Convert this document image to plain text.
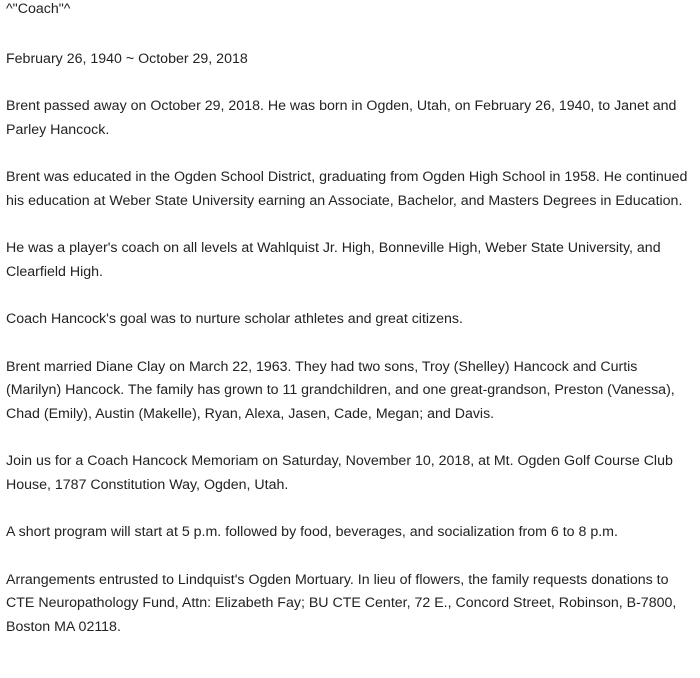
^"Coach"^

February 26, 1940 ~ October 29, 2018

Brent passed away on October 29, 2018. He was born in Ogden, Utah, on February 26, 1940, to Janet and Parley Hancock.

Brent was educated in the Ogden School District, graduating from Ogden High School in 1958. He continued his education at Weber State University earning an Associate, Bachelor, and Masters Degrees in Education.

He was a player's coach on all levels at Wahlquist Jr. High, Bonneville High, Weber State University, and Clearfield High.

Coach Hancock's goal was to nurture scholar athletes and great citizens.

Brent married Diane Clay on March 22, 1963. They had two sons, Troy (Shelley) Hancock and Curtis (Marilyn) Hancock. The family has grown to 11 grandchildren, and one great-grandson, Preston (Vanessa), Chad (Emily), Austin (Makelle), Ryan, Alexa, Jasen, Cade, Megan; and Davis.

Join us for a Coach Hancock Memoriam on Saturday, November 10, 2018, at Mt. Ogden Golf Course Club House, 1787 Constitution Way, Ogden, Utah.

A short program will start at 5 p.m. followed by food, beverages, and socialization from 6 to 8 p.m.

Arrangements entrusted to Lindquist's Ogden Mortuary. In lieu of flowers, the family requests donations to CTE Neuropathology Fund, Attn: Elizabeth Fay; BU CTE Center, 72 E., Concord Street, Robinson, B-7800, Boston MA 02118.
